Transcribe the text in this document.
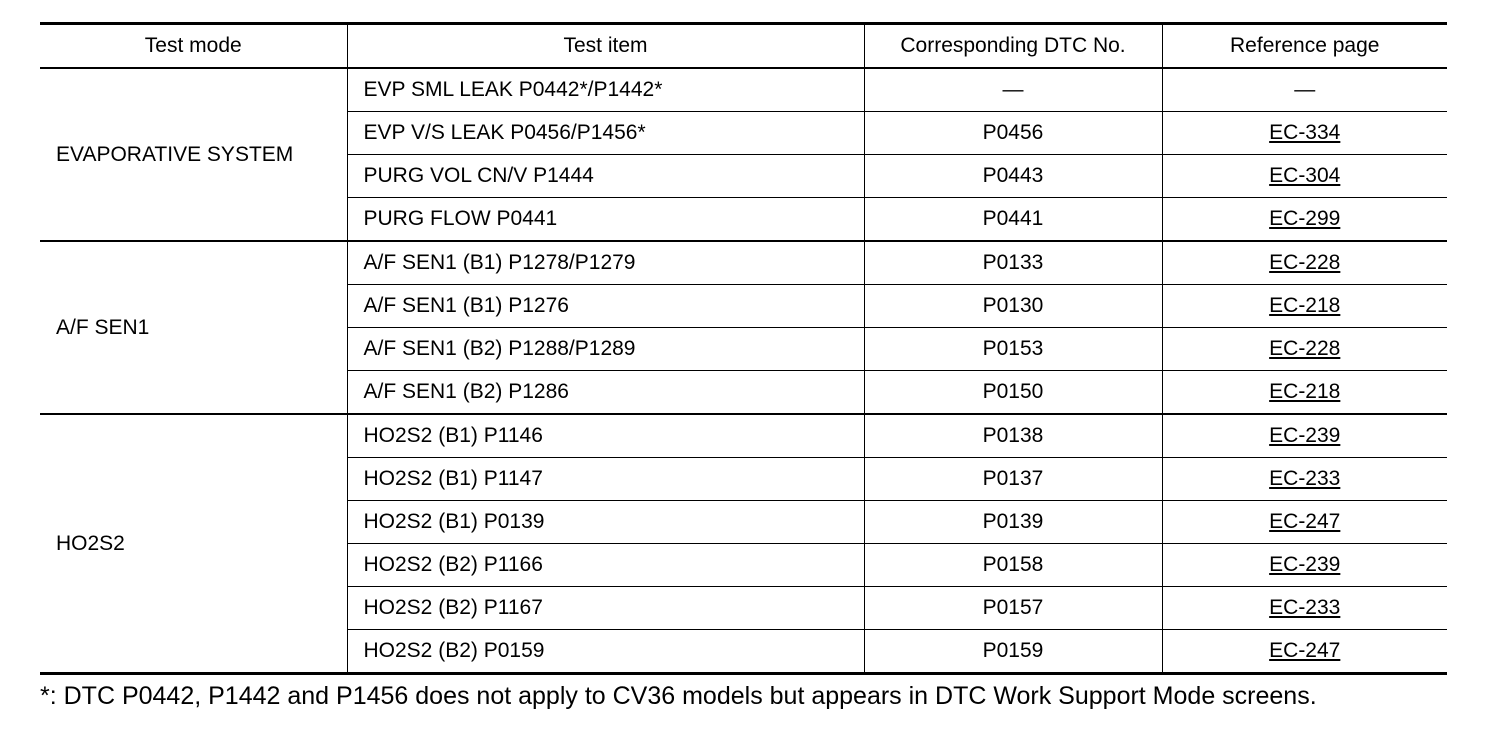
Test mode	Test item	Corresponding DTC No.	Reference page
EVAPORATIVE SYSTEM	EVP SML LEAK P0442*/P1442*	—	—
	EVP V/S LEAK P0456/P1456*	P0456	EC-334
	PURG VOL CN/V P1444	P0443	EC-304
	PURG FLOW P0441	P0441	EC-299
A/F SEN1	A/F SEN1 (B1) P1278/P1279	P0133	EC-228
	A/F SEN1 (B1) P1276	P0130	EC-218
	A/F SEN1 (B2) P1288/P1289	P0153	EC-228
	A/F SEN1 (B2) P1286	P0150	EC-218
HO2S2	HO2S2 (B1) P1146	P0138	EC-239
	HO2S2 (B1) P1147	P0137	EC-233
	HO2S2 (B1) P0139	P0139	EC-247
	HO2S2 (B2) P1166	P0158	EC-239
	HO2S2 (B2) P1167	P0157	EC-233
	HO2S2 (B2) P0159	P0159	EC-247
*: DTC P0442, P1442 and P1456 does not apply to CV36 models but appears in DTC Work Support Mode screens.
